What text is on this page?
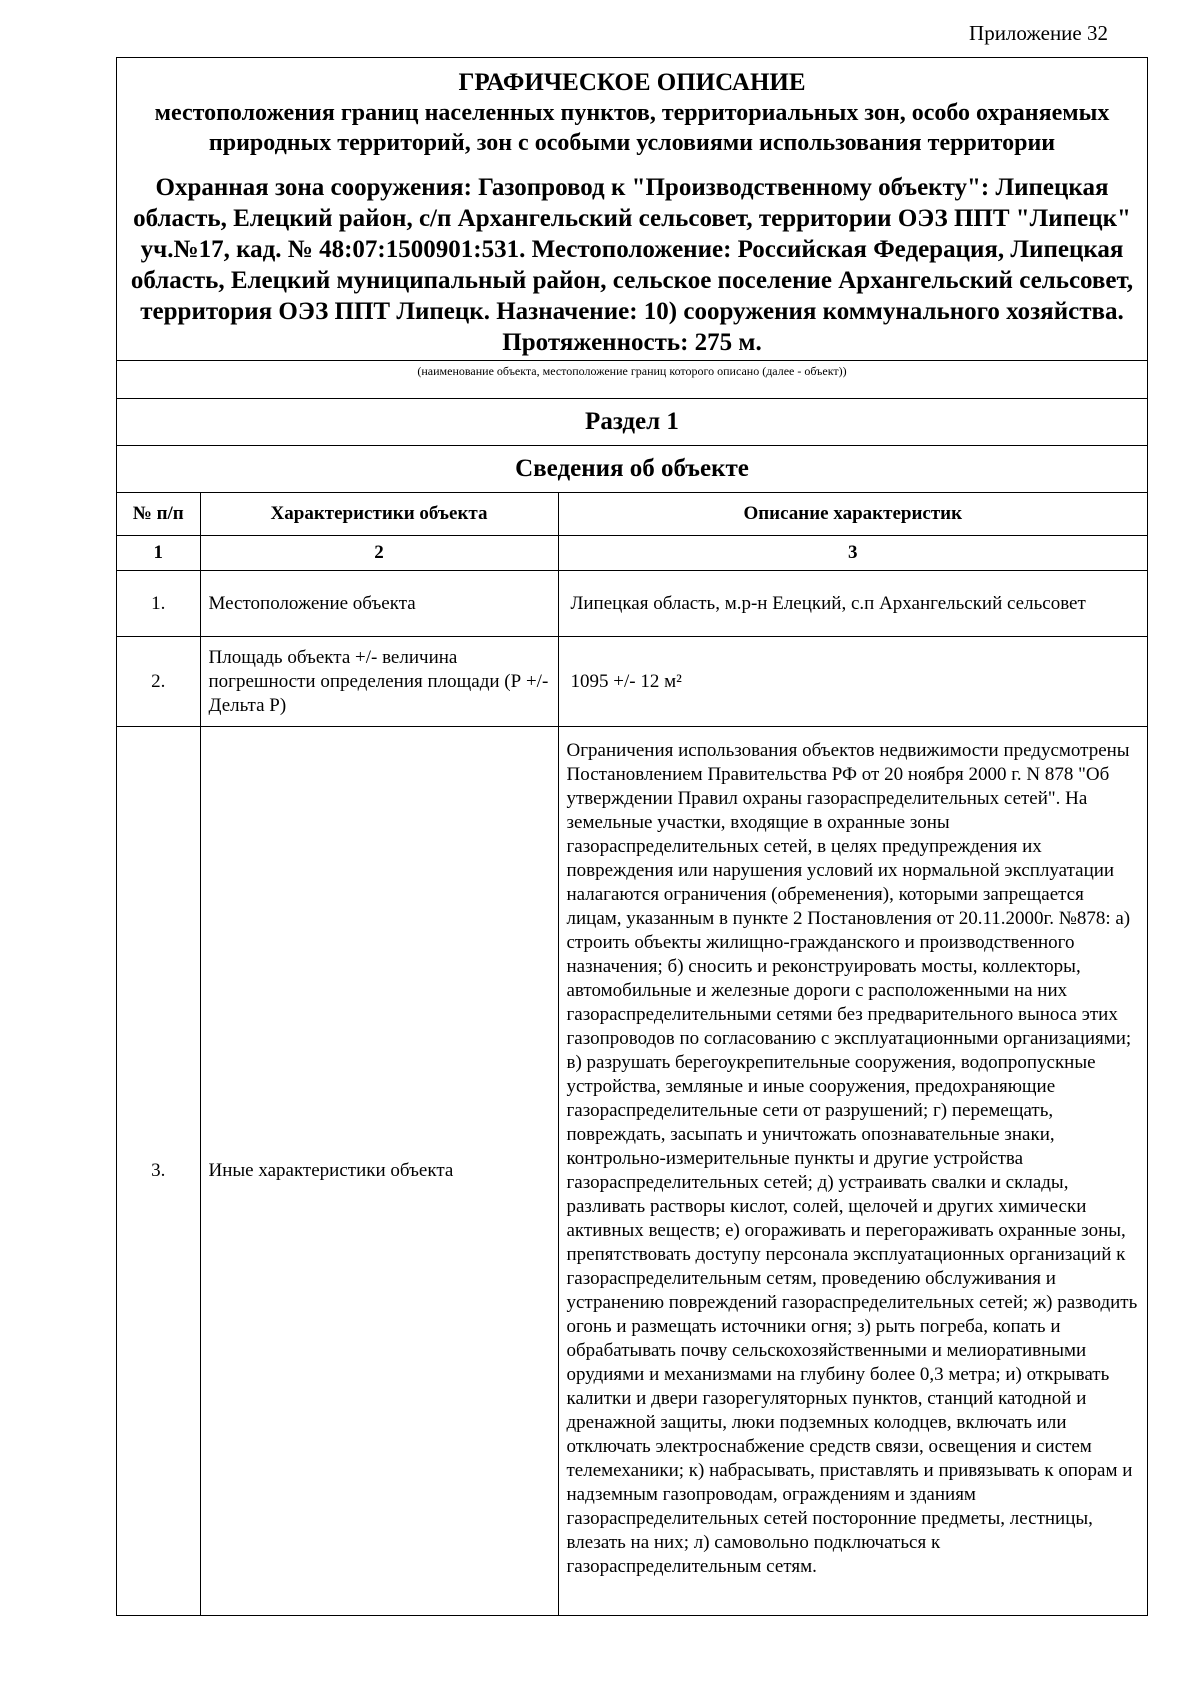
Приложение 32
ГРАФИЧЕСКОЕ ОПИСАНИЕ
местоположения границ населенных пунктов, территориальных зон, особо охраняемых природных территорий, зон с особыми условиями использования территории
Охранная зона сооружения: Газопровод к "Производственному объекту": Липецкая область, Елецкий район, с/п Архангельский сельсовет, территории ОЭЗ ППТ "Липецк" уч.№17, кад. № 48:07:1500901:531. Местоположение: Российская Федерация, Липецкая область, Елецкий муниципальный район, сельское поселение Архангельский сельсовет, территория ОЭЗ ППТ Липецк. Назначение: 10) сооружения коммунального хозяйства. Протяженность: 275 м.
(наименование объекта, местоположение границ которого описано (далее - объект))
Раздел 1
Сведения об объекте
№ п/п	Характеристики объекта	Описание характеристик
1	2	3
1.	Местоположение объекта	Липецкая область, м.р-н Елецкий, с.п Архангельский сельсовет
2.	Площадь объекта +/- величина погрешности определения площади (Р +/- Дельта Р)	1095 +/- 12 м²
3.	Иные характеристики объекта	Ограничения использования объектов недвижимости предусмотрены Постановлением Правительства РФ от 20 ноября 2000 г. N 878 "Об утверждении Правил охраны газораспределительных сетей". На земельные участки, входящие в охранные зоны газораспределительных сетей, в целях предупреждения их повреждения или нарушения условий их нормальной эксплуатации налагаются ограничения (обременения), которыми запрещается лицам, указанным в пункте 2 Постановления от 20.11.2000г. №878: а) строить объекты жилищно-гражданского и производственного назначения; б) сносить и реконструировать мосты, коллекторы, автомобильные и железные дороги с расположенными на них газораспределительными сетями без предварительного выноса этих газопроводов по согласованию с эксплуатационными организациями; в) разрушать берегоукрепительные сооружения, водопропускные устройства, земляные и иные сооружения, предохраняющие газораспределительные сети от разрушений; г) перемещать, повреждать, засыпать и уничтожать опознавательные знаки, контрольно-измерительные пункты и другие устройства газораспределительных сетей; д) устраивать свалки и склады, разливать растворы кислот, солей, щелочей и других химически активных веществ; е) огораживать и перегораживать охранные зоны, препятствовать доступу персонала эксплуатационных организаций к газораспределительным сетям, проведению обслуживания и устранению повреждений газораспределительных сетей; ж) разводить огонь и размещать источники огня; з) рыть погреба, копать и обрабатывать почву сельскохозяйственными и мелиоративными орудиями и механизмами на глубину более 0,3 метра; и) открывать калитки и двери газорегуляторных пунктов, станций катодной и дренажной защиты, люки подземных колодцев, включать или отключать электроснабжение средств связи, освещения и систем телемеханики; к) набрасывать, приставлять и привязывать к опорам и надземным газопроводам, ограждениям и зданиям газораспределительных сетей посторонние предметы, лестницы, влезать на них; л) самовольно подключаться к газораспределительным сетям.
